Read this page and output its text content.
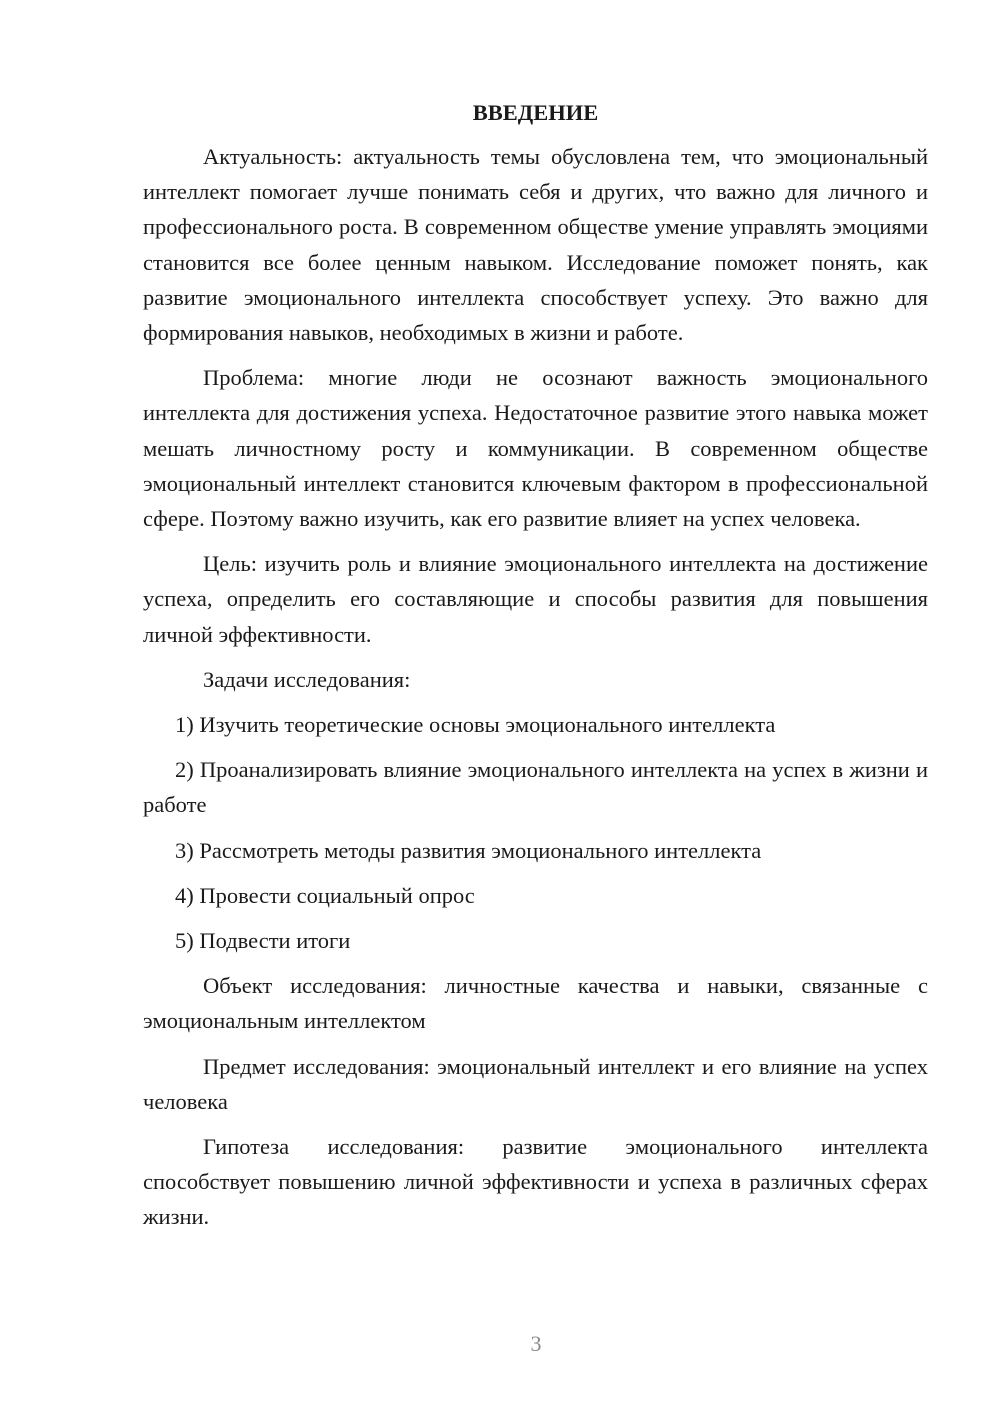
ВВЕДЕНИЕ

Актуальность: актуальность темы обусловлена тем, что эмоциональный интеллект помогает лучше понимать себя и других, что важно для личного и профессионального роста. В современном обществе умение управлять эмоциями становится все более ценным навыком. Исследование поможет понять, как развитие эмоционального интеллекта способствует успеху. Это важно для формирования навыков, необходимых в жизни и работе.

Проблема: многие люди не осознают важность эмоционального интеллекта для достижения успеха. Недостаточное развитие этого навыка может мешать личностному росту и коммуникации. В современном обществе эмоциональный интеллект становится ключевым фактором в профессиональной сфере. Поэтому важно изучить, как его развитие влияет на успех человека.

Цель: изучить роль и влияние эмоционального интеллекта на достижение успеха, определить его составляющие и способы развития для повышения личной эффективности.

Задачи исследования:

1) Изучить теоретические основы эмоционального интеллекта

2) Проанализировать влияние эмоционального интеллекта на успех в жизни и работе

3) Рассмотреть методы развития эмоционального интеллекта

4) Провести социальный опрос

5) Подвести итоги

Объект исследования: личностные качества и навыки, связанные с эмоциональным интеллектом

Предмет исследования: эмоциональный интеллект и его влияние на успех человека

Гипотеза исследования: развитие эмоционального интеллекта способствует повышению личной эффективности и успеха в различных сферах жизни.

3
